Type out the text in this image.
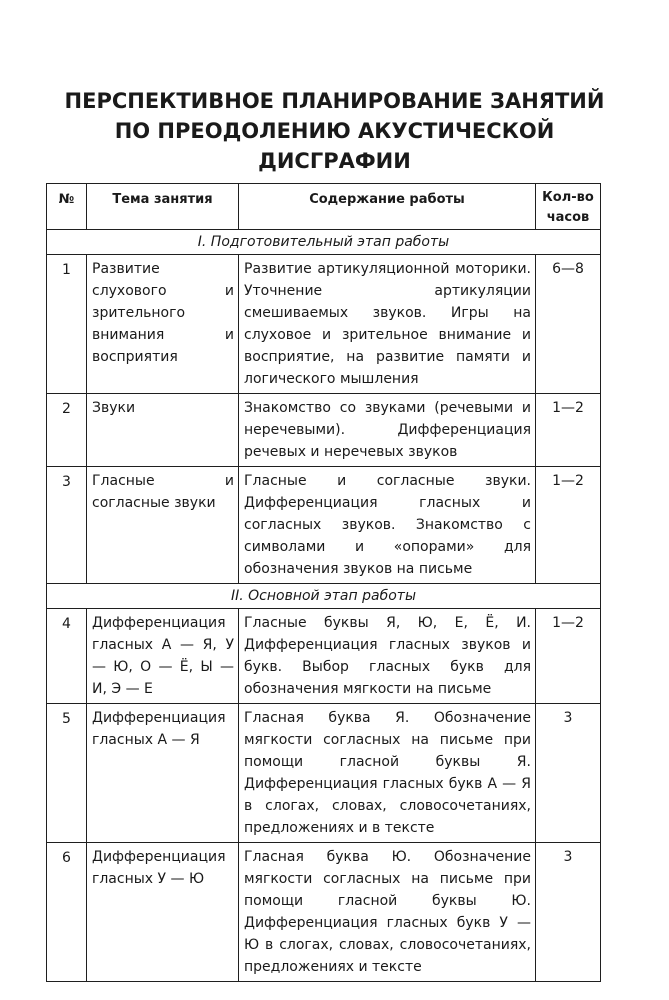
ПЕРСПЕКТИВНОЕ ПЛАНИРОВАНИЕ ЗАНЯТИЙ
ПО ПРЕОДОЛЕНИЮ АКУСТИЧЕСКОЙ
ДИСГРАФИИ
№	Тема занятия	Содержание работы	Кол-во
часов

I. Подготовительный этап работы			
1	Развитие слухового и зрительного внимания и восприятия	Развитие артикуляционной моторики. Уточнение артикуляции смешиваемых звуков. Игры на слуховое и зрительное внимание и восприятие, на развитие памяти и логического мышления	6—8
2	Звуки	Знакомство со звуками (речевыми и неречевыми). Дифференциация речевых и неречевых звуков	1—2
3	Гласные и согласные звуки	Гласные и согласные звуки. Дифференциация гласных и согласных звуков. Знакомство с символами и «опорами» для обозначения звуков на письме	1—2
II. Основной этап работы			
4	Дифференциация гласных А — Я, У — Ю, О — Ё, Ы — И, Э — Е	Гласные буквы Я, Ю, Е, Ё, И. Дифференциация гласных звуков и букв. Выбор гласных букв для обозначения мягкости на письме	1—2
5	Дифференциация гласных А — Я	Гласная буква Я. Обозначение мягкости согласных на письме при помощи гласной буквы Я. Дифференциация гласных букв А — Я в слогах, словах, словосочетаниях, предложениях и в тексте	3
6	Дифференциация гласных У — Ю	Гласная буква Ю. Обозначение мягкости согласных на письме при помощи гласной буквы Ю. Дифференциация гласных букв У — Ю в слогах, словах, словосочетаниях, предложениях и тексте	3
